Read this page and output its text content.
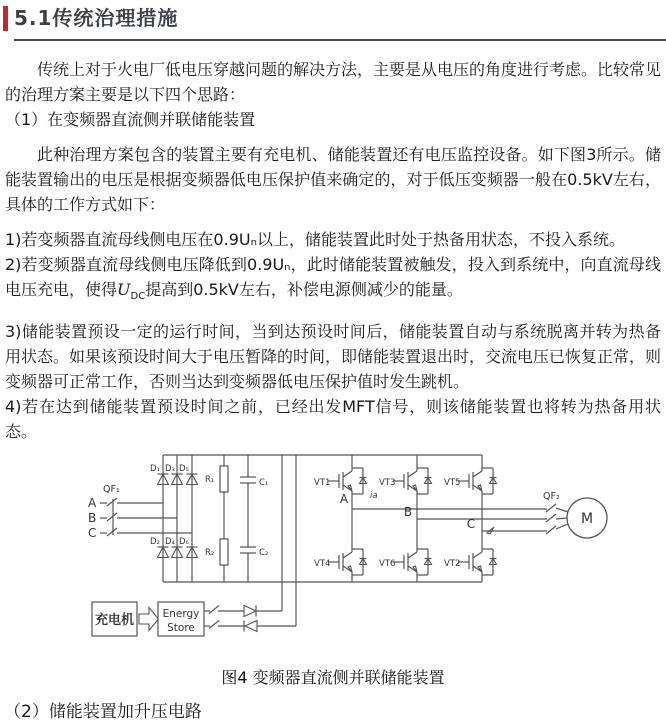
5.1传统治理措施

传统上对于火电厂低电压穿越问题的解决方法，主要是从电压的角度进行考虑。比较常见的治理方案主要是以下四个思路：

（1）在变频器直流侧并联储能装置

此种治理方案包含的装置主要有充电机、储能装置还有电压监控设备。如下图3所示。储能装置输出的电压是根据变频器低电压保护值来确定的，对于低压变频器一般在0.5kV左右，具体的工作方式如下：

1)若变频器直流母线侧电压在0.9Uₙ以上，储能装置此时处于热备用状态，不投入系统。

2)若变频器直流母线侧电压降低到0.9Uₙ，此时储能装置被触发，投入到系统中，向直流母线电压充电，使得$U_{DC}$提高到0.5kV左右，补偿电源侧减少的能量。

3)储能装置预设一定的运行时间，当到达预设时间后，储能装置自动与系统脱离并转为热备用状态。如果该预设时间大于电压暂降的时间，即储能装置退出时，交流电压已恢复正常，则变频器可正常工作，否则当达到变频器低电压保护值时发生跳机。

4)若在达到储能装置预设时间之前，已经出发MFT信号，则该储能装置也将转为热备用状态。

A
B
C
QF₁
D₁ D₃ D₅
D₂ D₄ D₆
R₁
R₂
C₁
C₂
VT1	VT3	VT5
VT4	VT6	VT2
A
B
C
ia	QF₂
M
充电机	Energy
Store
图4 变频器直流侧并联储能装置

（2）储能装置加升压电路
